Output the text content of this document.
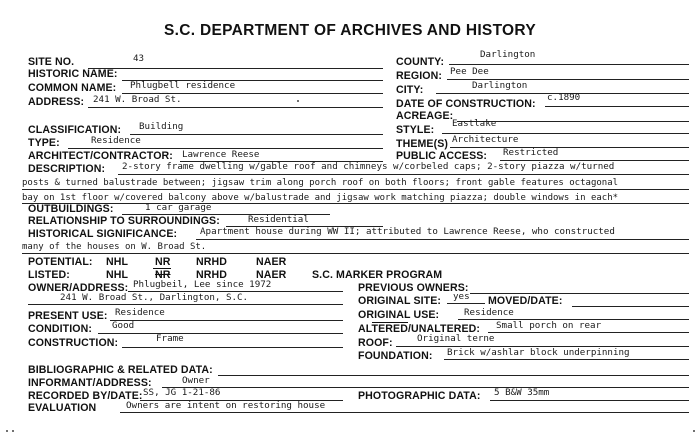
S.C. DEPARTMENT OF ARCHIVES AND HISTORY
SITE NO.	43	COUNTY:
Darlington
HISTORIC NAME:	REGION: Pee Dee
COMMON NAME: Phlugbell residence	CITY:	Darlington
ADDRESS: 241 W. Broad St.	DATE OF CONSTRUCTION:
c.1890
ACREAGE:
CLASSIFICATION: Building	STYLE:
Eastlake
TYPE:	Residence	THEME(S) Architecture
ARCHITECT/CONTRACTOR: Lawrence Reese	PUBLIC ACCESS: Restricted
DESCRIPTION: 2-story frame dwelling w/gable roof and chimneys w/corbeled caps; 2-story piazza w/turned
posts & turned balustrade between; jigsaw trim along porch roof on both floors; front gable features octagonal
bay on 1st floor w/covered balcony above w/balustrade and jigsaw work matching piazza; double windows in each*
OUTBUILDINGS:	1 car garage
RELATIONSHIP TO SURROUNDINGS:	Residential
HISTORICAL SIGNIFICANCE: Apartment house during WW II; attributed to Lawrence Reese, who constructed
many of the houses on W. Broad St.
POTENTIAL: NHL	NR NRHD	NAER
LISTED:	NHL	NR NRHD	NAER S.C. MARKER PROGRAM
OWNER/ADDRESS: Phlugbeil, Lee since 1972
241 W. Broad St., Darlington, S.C.
PREVIOUS OWNERS:
ORIGINAL SITE: yes MOVED/DATE:
PRESENT USE: Residence	ORIGINAL USE:	Residence
CONDITION: Good	ALTERED/UNALTERED: Small porch on rear
CONSTRUCTION:	Frame	ROOF:	Original terne
FOUNDATION: Brick w/ashlar block underpinning
BIBLIOGRAPHIC & RELATED DATA:
INFORMANT/ADDRESS:	Owner
RECORDED BY/DATE: SS, JG 1-21-86	PHOTOGRAPHIC DATA: 5 B&W 35mm
EVALUATION	Owners are intent on restoring house
